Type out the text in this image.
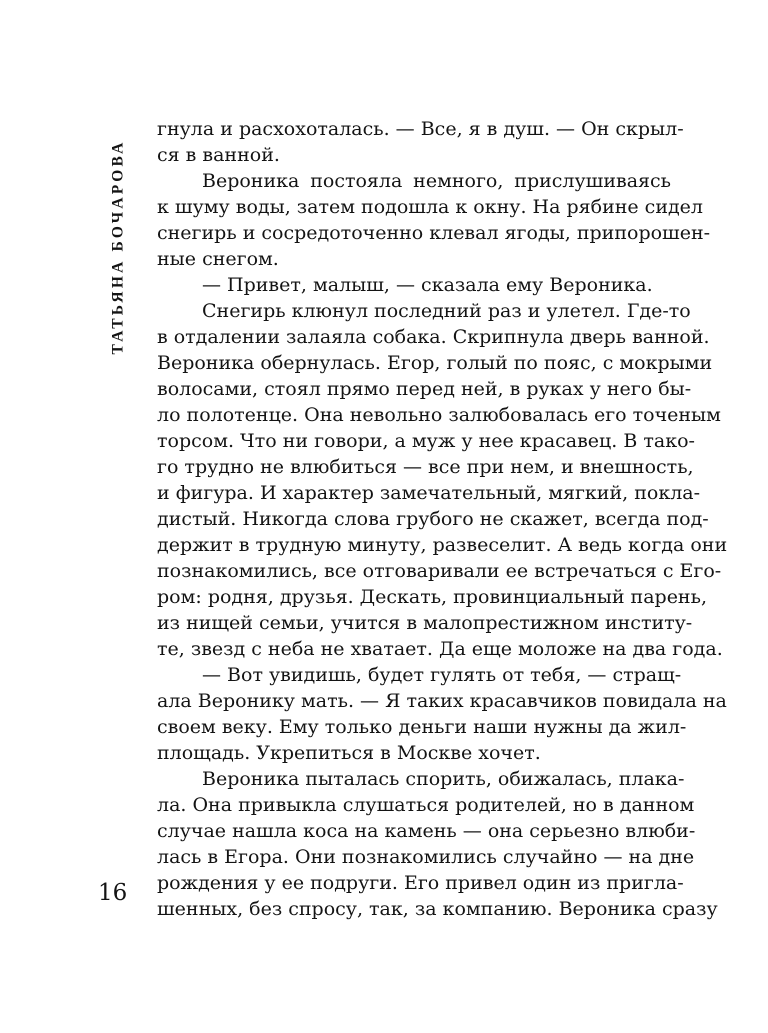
ТАТЬЯНА БОЧАРОВА
гнула и расхохоталась. — Все, я в душ. — Он скрыл-
ся в ванной.
Вероника постояла немного, прислушиваясь
к шуму воды, затем подошла к окну. На рябине сидел
снегирь и сосредоточенно клевал ягоды, припорошен-
ные снегом.
— Привет, малыш, — сказала ему Вероника.
Снегирь клюнул последний раз и улетел. Где-то
в отдалении залаяла собака. Скрипнула дверь ванной.
Вероника обернулась. Егор, голый по пояс, с мокрыми
волосами, стоял прямо перед ней, в руках у него бы-
ло полотенце. Она невольно залюбовалась его точеным
торсом. Что ни говори, а муж у нее красавец. В тако-
го трудно не влюбиться — все при нем, и внешность,
и фигура. И характер замечательный, мягкий, покла-
дистый. Никогда слова грубого не скажет, всегда под-
держит в трудную минуту, развеселит. А ведь когда они
познакомились, все отговаривали ее встречаться с Его-
ром: родня, друзья. Дескать, провинциальный парень,
из нищей семьи, учится в малопрестижном институ-
те, звезд с неба не хватает. Да еще моложе на два года.
— Вот увидишь, будет гулять от тебя, — стращ-
ала Веронику мать. — Я таких красавчиков повидала на
своем веку. Ему только деньги наши нужны да жил-
площадь. Укрепиться в Москве хочет.
Вероника пыталась спорить, обижалась, плака-
ла. Она привыкла слушаться родителей, но в данном
случае нашла коса на камень — она серьезно влюби-
лась в Егора. Они познакомились случайно — на дне
рождения у ее подруги. Его привел один из пригла-
шенных, без спросу, так, за компанию. Вероника сразу
16
